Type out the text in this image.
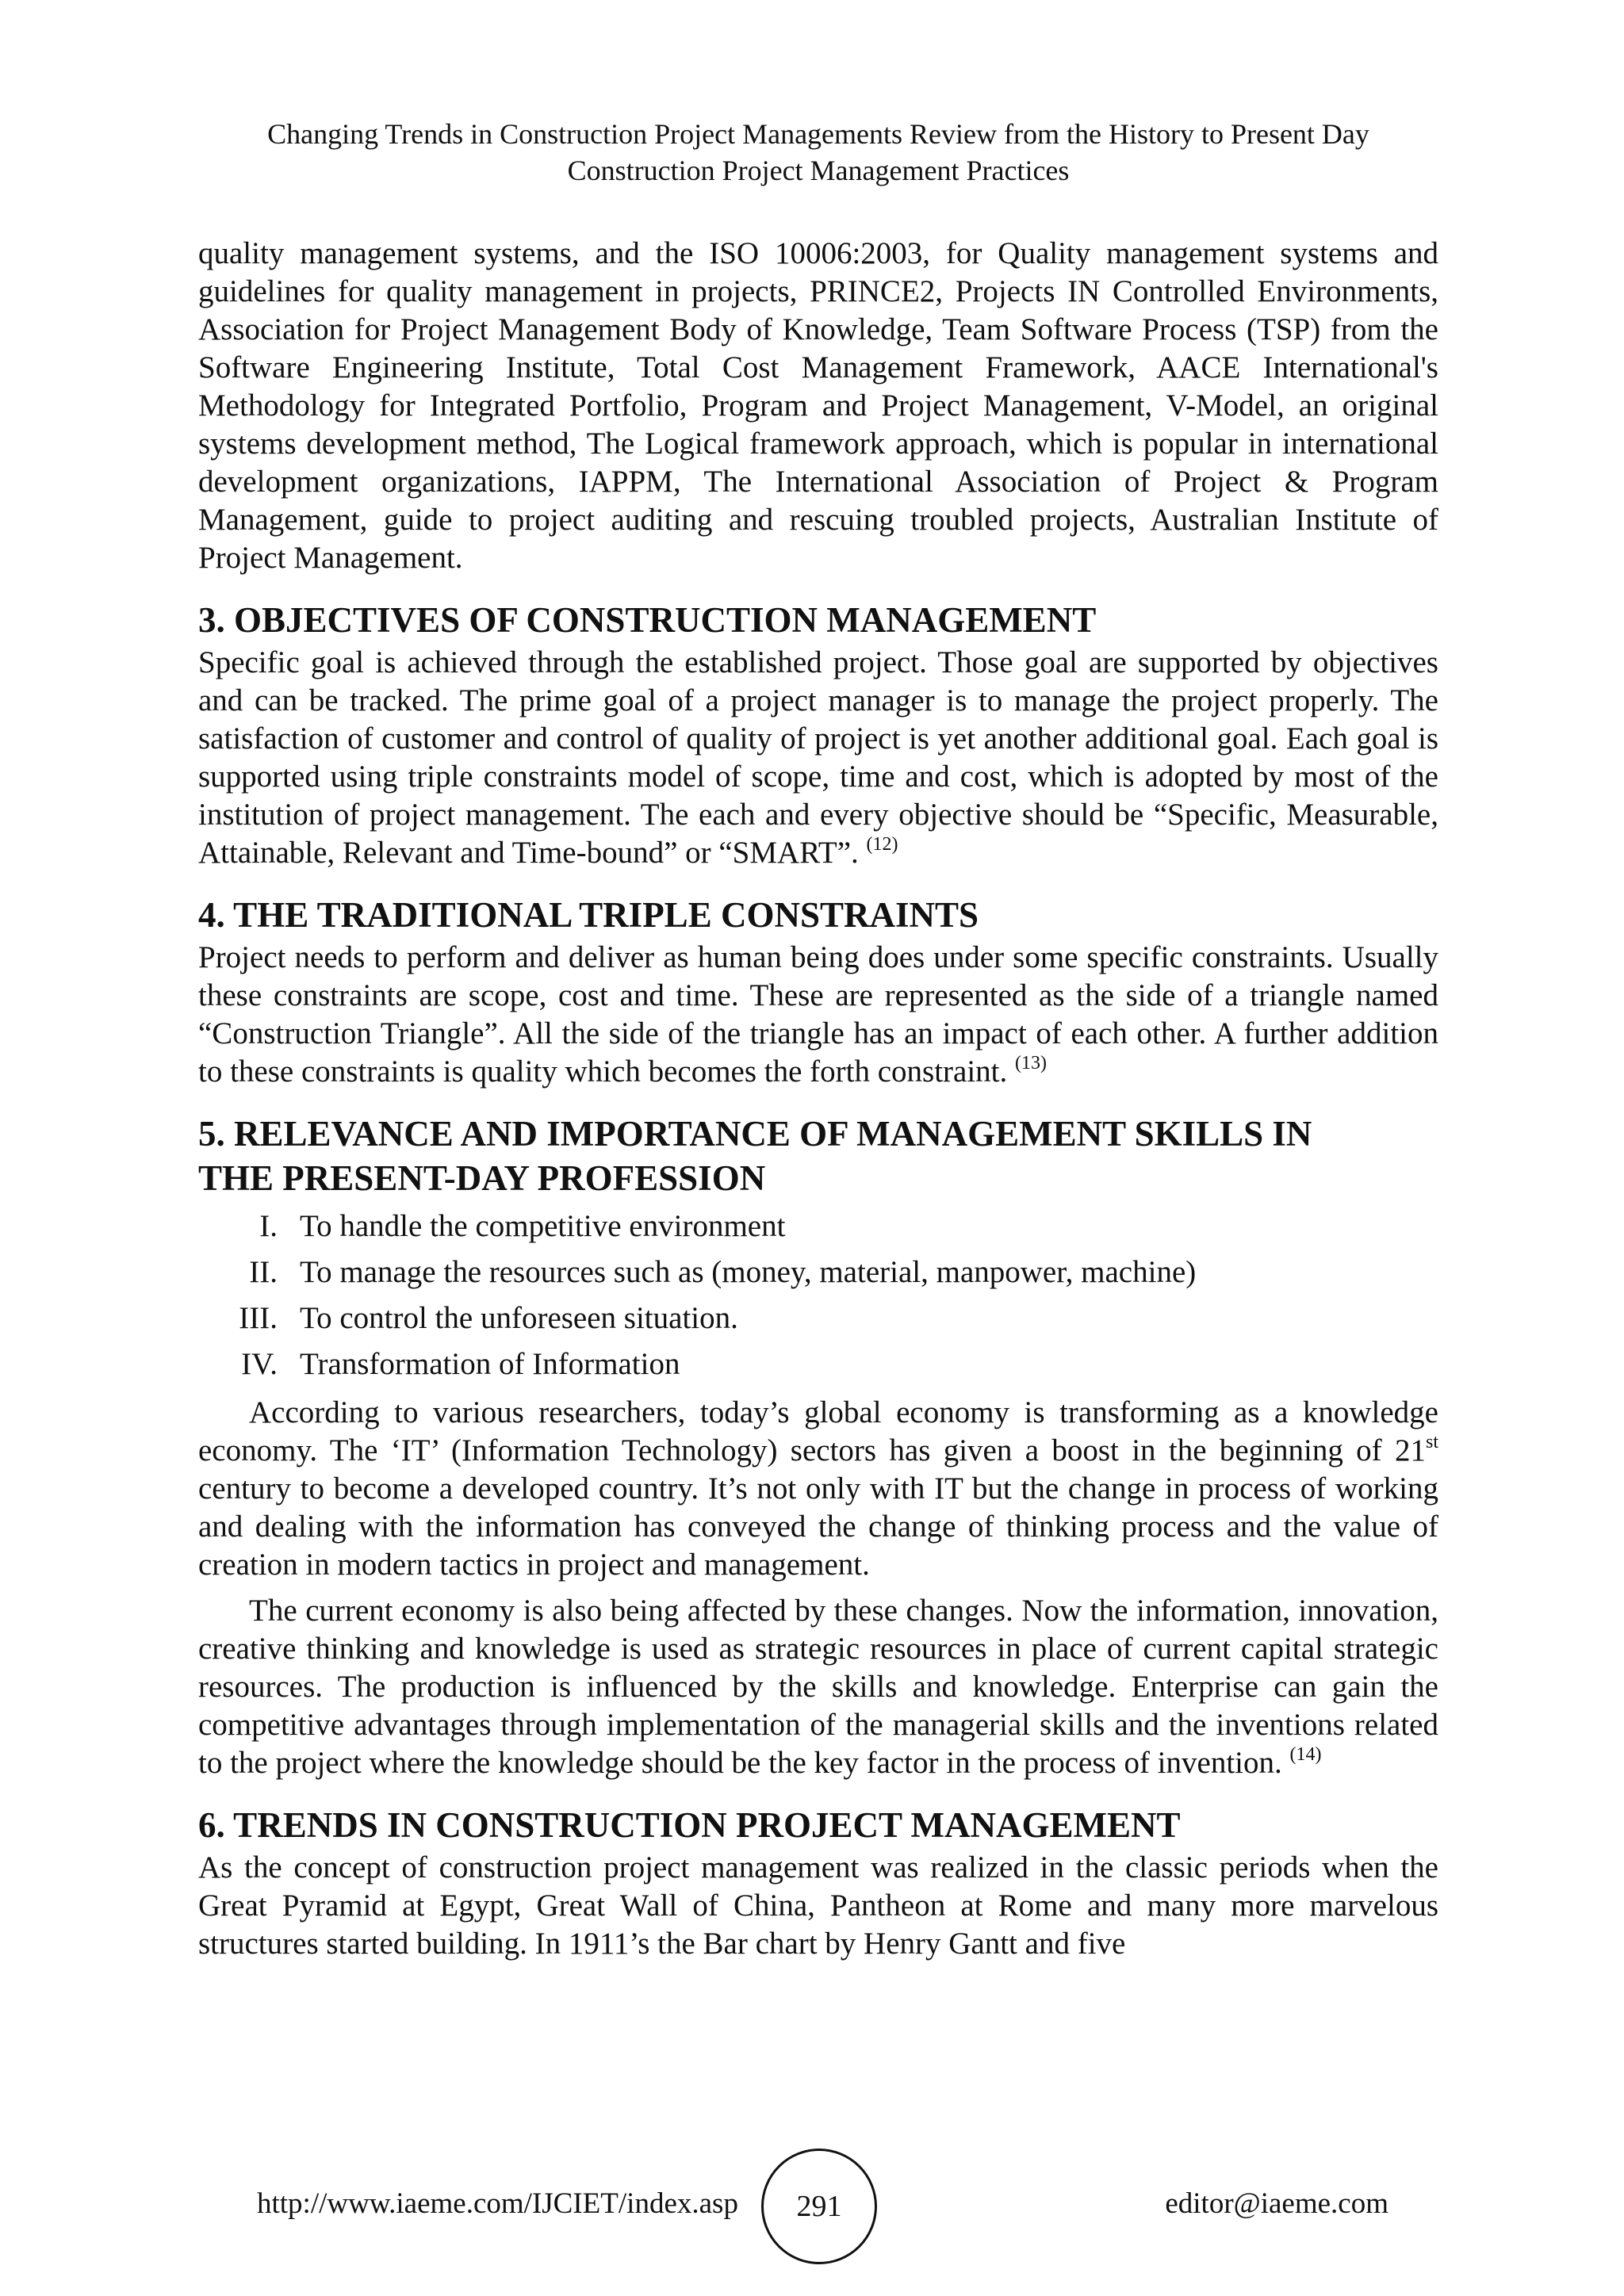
Changing Trends in Construction Project Managements Review from the History to Present Day
Construction Project Management Practices

quality management systems, and the ISO 10006:2003, for Quality management systems and guidelines for quality management in projects, PRINCE2, Projects IN Controlled Environments, Association for Project Management Body of Knowledge, Team Software Process (TSP) from the Software Engineering Institute, Total Cost Management Framework, AACE International's Methodology for Integrated Portfolio, Program and Project Management, V-Model, an original systems development method, The Logical framework approach, which is popular in international development organizations, IAPPM, The International Association of Project & Program Management, guide to project auditing and rescuing troubled projects, Australian Institute of Project Management.

3. OBJECTIVES OF CONSTRUCTION MANAGEMENT

Specific goal is achieved through the established project. Those goal are supported by objectives and can be tracked. The prime goal of a project manager is to manage the project properly. The satisfaction of customer and control of quality of project is yet another additional goal. Each goal is supported using triple constraints model of scope, time and cost, which is adopted by most of the institution of project management. The each and every objective should be “Specific, Measurable, Attainable, Relevant and Time-bound” or “SMART”. $^{(12)}$

4. THE TRADITIONAL TRIPLE CONSTRAINTS

Project needs to perform and deliver as human being does under some specific constraints. Usually these constraints are scope, cost and time. These are represented as the side of a triangle named “Construction Triangle”. All the side of the triangle has an impact of each other. A further addition to these constraints is quality which becomes the forth constraint. $^{(13)}$

5. RELEVANCE AND IMPORTANCE OF MANAGEMENT SKILLS IN
THE PRESENT-DAY PROFESSION
I. To handle the competitive environment
II. To manage the resources such as (money, material, manpower, machine)
III. To control the unforeseen situation.
IV. Transformation of Information

According to various researchers, today’s global economy is transforming as a knowledge economy. The ‘IT’ (Information Technology) sectors has given a boost in the beginning of 21st century to become a developed country. It’s not only with IT but the change in process of working and dealing with the information has conveyed the change of thinking process and the value of creation in modern tactics in project and management.

The current economy is also being affected by these changes. Now the information, innovation, creative thinking and knowledge is used as strategic resources in place of current capital strategic resources. The production is influenced by the skills and knowledge. Enterprise can gain the competitive advantages through implementation of the managerial skills and the inventions related to the project where the knowledge should be the key factor in the process of invention. $^{(14)}$

6. TRENDS IN CONSTRUCTION PROJECT MANAGEMENT

As the concept of construction project management was realized in the classic periods when the Great Pyramid at Egypt, Great Wall of China, Pantheon at Rome and many more marvelous structures started building. In 1911’s the Bar chart by Henry Gantt and five

http://www.iaeme.com/IJCIET/index.asp 291	editor@iaeme.com
